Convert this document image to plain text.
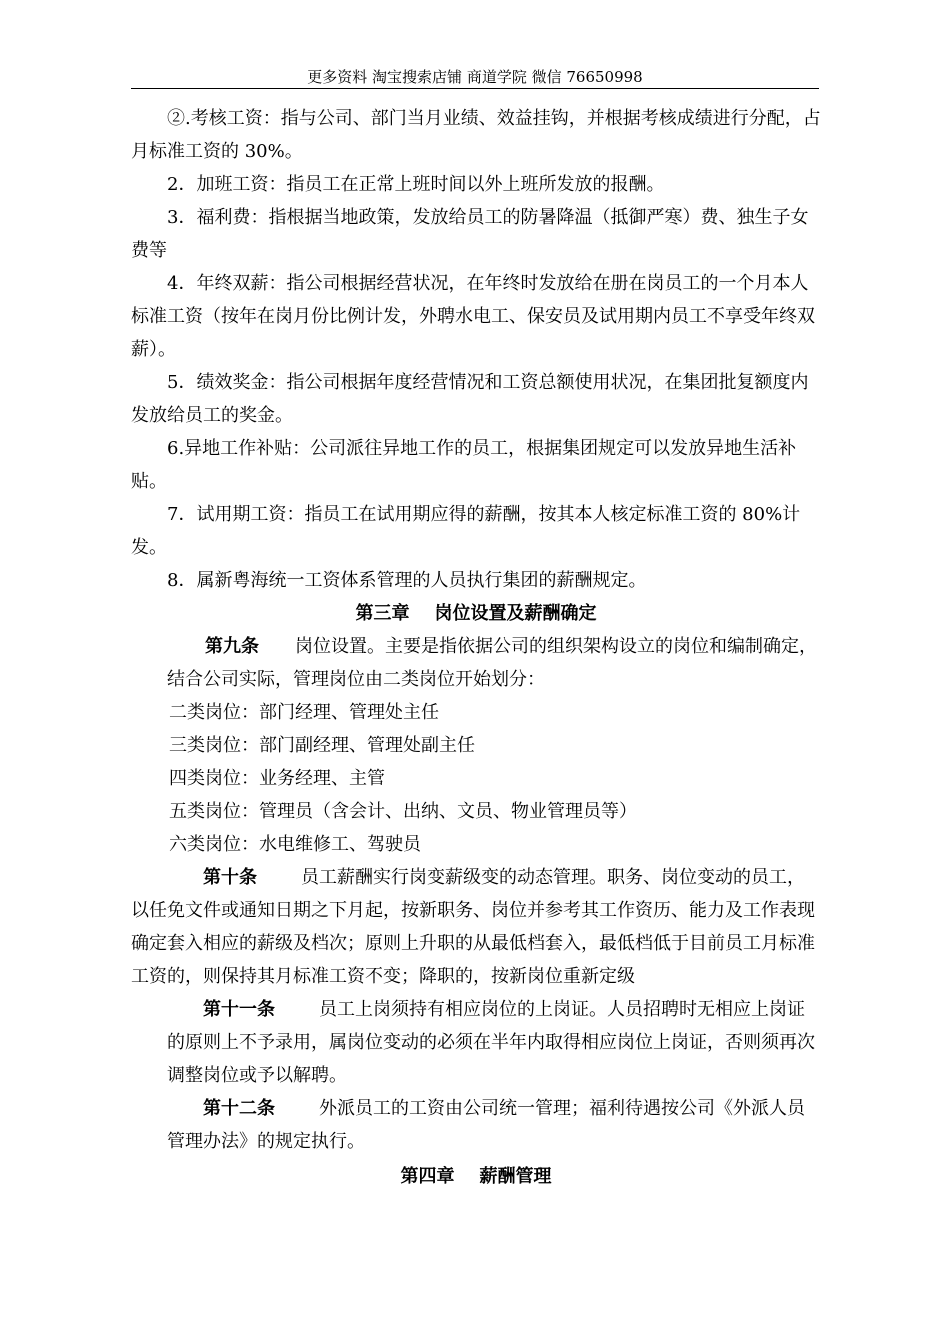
更多资料 淘宝搜索店铺 商道学院 微信 76650998

②.考核工资：指与公司、部门当月业绩、效益挂钩，并根据考核成绩进行分配，占月标准工资的 30%。

2．加班工资：指员工在正常上班时间以外上班所发放的报酬。

3．福利费：指根据当地政策，发放给员工的防暑降温（抵御严寒）费、独生子女费等

4．年终双薪：指公司根据经营状况，在年终时发放给在册在岗员工的一个月本人标准工资（按年在岗月份比例计发，外聘水电工、保安员及试用期内员工不享受年终双薪）。

5．绩效奖金：指公司根据年度经营情况和工资总额使用状况，在集团批复额度内发放给员工的奖金。

6.异地工作补贴：公司派往异地工作的员工，根据集团规定可以发放异地生活补贴。

7．试用期工资：指员工在试用期应得的薪酬，按其本人核定标准工资的 80%计发。

8．属新粤海统一工资体系管理的人员执行集团的薪酬规定。

第三章    岗位设置及薪酬确定

第九条 岗位设置。主要是指依据公司的组织架构设立的岗位和编制确定，结合公司实际，管理岗位由二类岗位开始划分：

二类岗位：部门经理、管理处主任

三类岗位：部门副经理、管理处副主任

四类岗位：业务经理、主管

五类岗位：管理员（含会计、出纳、文员、物业管理员等）

六类岗位：水电维修工、驾驶员

第十条 员工薪酬实行岗变薪级变的动态管理。职务、岗位变动的员工，以任免文件或通知日期之下月起，按新职务、岗位并参考其工作资历、能力及工作表现确定套入相应的薪级及档次；原则上升职的从最低档套入，最低档低于目前员工月标准工资的，则保持其月标准工资不变；降职的，按新岗位重新定级

第十一条 员工上岗须持有相应岗位的上岗证。人员招聘时无相应上岗证的原则上不予录用，属岗位变动的必须在半年内取得相应岗位上岗证，否则须再次调整岗位或予以解聘。

第十二条 外派员工的工资由公司统一管理；福利待遇按公司《外派人员管理办法》的规定执行。

第四章    薪酬管理
